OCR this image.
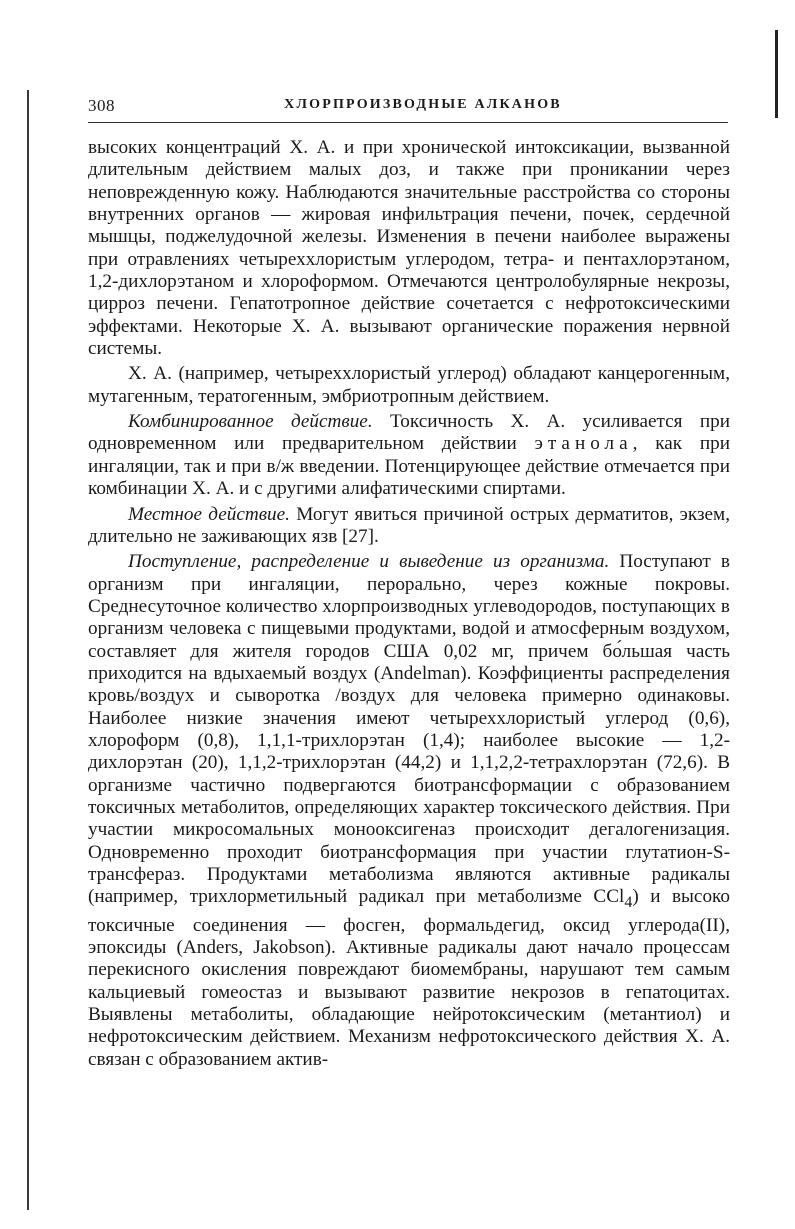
308	ХЛОРПРОИЗВОДНЫЕ АЛКАНОВ

высоких концентраций Х. А. и при хронической интоксикации, вызванной длительным действием малых доз, и также при проникании через неповрежденную кожу. Наблюдаются значительные расстройства со стороны внутренних органов — жировая инфильтрация печени, почек, сердечной мышцы, поджелудочной железы. Изменения в печени наиболее выражены при отравлениях четыреххлористым углеродом, тетра- и пентахлорэтаном, 1,2-дихлорэтаном и хлороформом. Отмечаются центролобулярные некрозы, цирроз печени. Гепатотропное действие сочетается с нефротоксическими эффектами. Некоторые Х. А. вызывают органические поражения нервной системы.

Х. А. (например, четыреххлористый углерод) обладают канцерогенным, мутагенным, тератогенным, эмбриотропным действием.

Комбинированное действие. Токсичность Х. А. усиливается при одновременном или предварительном действии этанола, как при ингаляции, так и при в/ж введении. Потенцирующее действие отмечается при комбинации Х. А. и с другими алифатическими спиртами.

Местное действие. Могут явиться причиной острых дерматитов, экзем, длительно не заживающих язв [27].

Поступление, распределение и выведение из организма. Поступают в организм при ингаляции, перорально, через кожные покровы. Среднесуточное количество хлорпроизводных углеводородов, поступающих в организм человека с пищевыми продуктами, водой и атмосферным воздухом, составляет для жителя городов США 0,02 мг, причем бо́льшая часть приходится на вдыхаемый воздух (Andelman). Коэффициенты распределения кровь/воздух и сыворотка /воздух для человека примерно одинаковы. Наиболее низкие значения имеют четыреххлористый углерод (0,6), хлороформ (0,8), 1,1,1-трихлорэтан (1,4); наиболее высокие — 1,2-дихлорэтан (20), 1,1,2-трихлорэтан (44,2) и 1,1,2,2-тетрахлорэтан (72,6). В организме частично подвергаются биотрансформации с образованием токсичных метаболитов, определяющих характер токсического действия. При участии микросомальных монооксигеназ происходит дегалогенизация. Одновременно проходит биотрансформация при участии глутатион-S-трансфераз. Продуктами метаболизма являются активные радикалы (например, трихлорметильный радикал при метаболизме CCl$_4$) и высоко токсичные соединения — фосген, формальдегид, оксид углерода(II), эпоксиды (Anders, Jakobson). Активные радикалы дают начало процессам перекисного окисления повреждают биомембраны, нарушают тем самым кальциевый гомеостаз и вызывают развитие некрозов в гепатоцитах. Выявлены метаболиты, обладающие нейротоксическим (метантиол) и нефротоксическим действием. Механизм нефротоксического действия Х. А. связан с образованием актив-
